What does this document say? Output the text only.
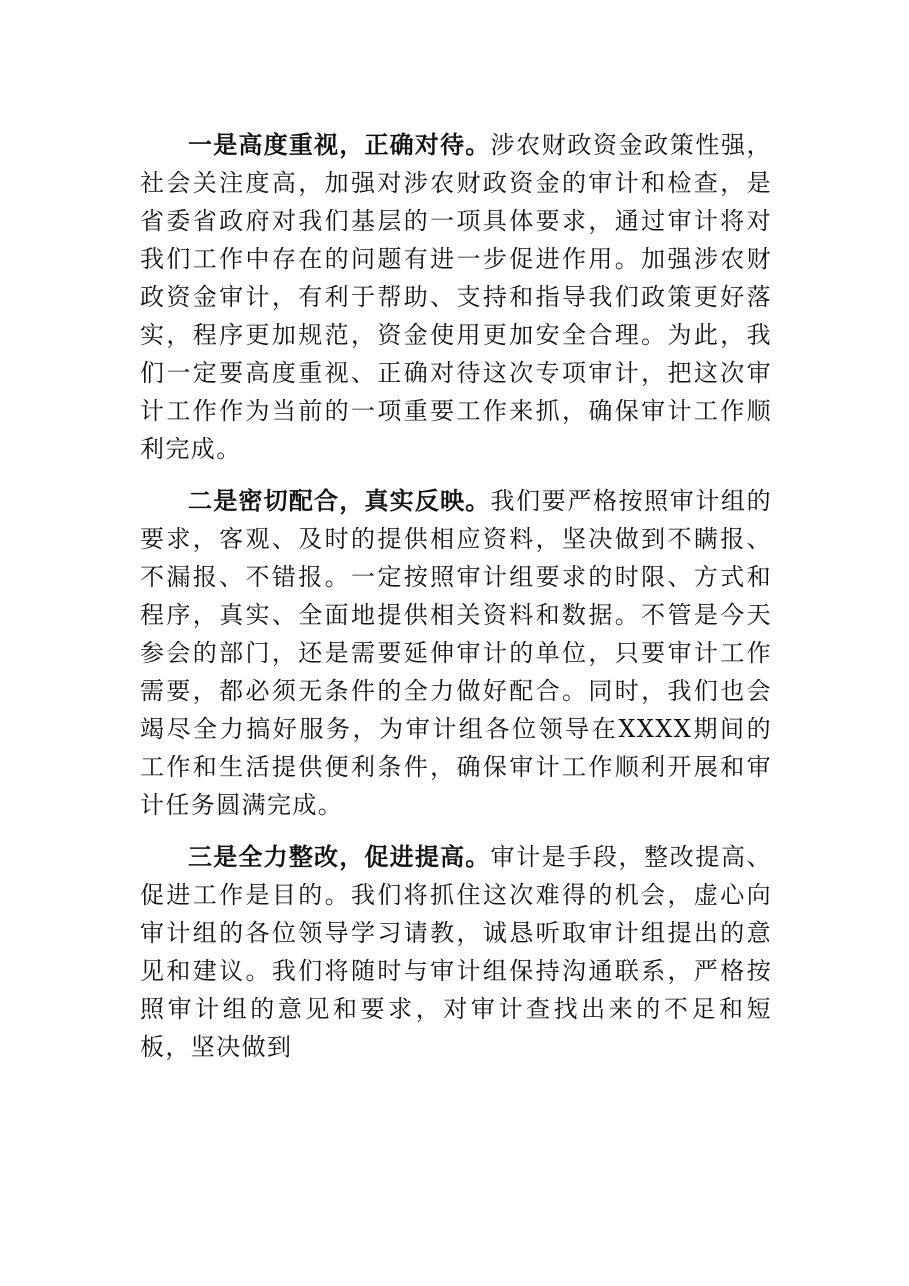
一是高度重视，正确对待。涉农财政资金政策性强，社会关注度高，加强对涉农财政资金的审计和检查，是省委省政府对我们基层的一项具体要求，通过审计将对我们工作中存在的问题有进一步促进作用。加强涉农财政资金审计，有利于帮助、支持和指导我们政策更好落实，程序更加规范，资金使用更加安全合理。为此，我们一定要高度重视、正确对待这次专项审计，把这次审计工作作为当前的一项重要工作来抓，确保审计工作顺利完成。

二是密切配合，真实反映。我们要严格按照审计组的要求，客观、及时的提供相应资料，坚决做到不瞒报、不漏报、不错报。一定按照审计组要求的时限、方式和程序，真实、全面地提供相关资料和数据。不管是今天参会的部门，还是需要延伸审计的单位，只要审计工作需要，都必须无条件的全力做好配合。同时，我们也会竭尽全力搞好服务，为审计组各位领导在XXXX期间的工作和生活提供便利条件，确保审计工作顺利开展和审计任务圆满完成。

三是全力整改，促进提高。审计是手段，整改提高、促进工作是目的。我们将抓住这次难得的机会，虚心向审计组的各位领导学习请教，诚恳听取审计组提出的意见和建议。我们将随时与审计组保持沟通联系，严格按照审计组的意见和要求，对审计查找出来的不足和短板，坚决做到
